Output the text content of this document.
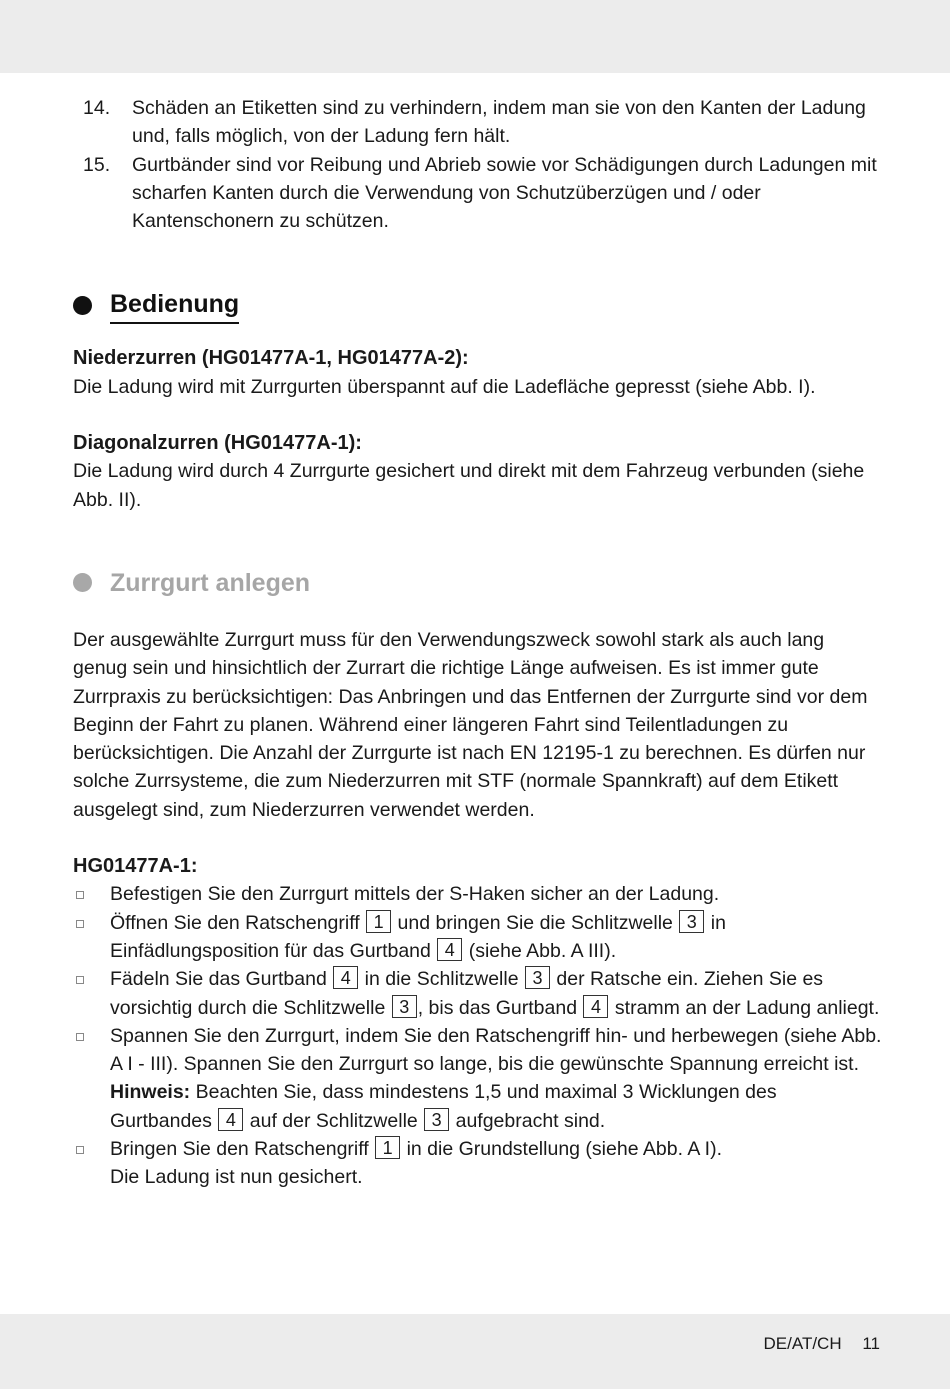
14. Schäden an Etiketten sind zu verhindern, indem man sie von den Kanten der Ladung und, falls möglich, von der Ladung fern hält.
15. Gurtbänder sind vor Reibung und Abrieb sowie vor Schädigungen durch Ladungen mit scharfen Kanten durch die Verwendung von Schutzüberzügen und / oder Kantenschonern zu schützen.
Bedienung

Niederzurren (HG01477A-1, HG01477A-2):

Die Ladung wird mit Zurrgurten überspannt auf die Ladefläche gepresst (siehe Abb. I).

Diagonalzurren (HG01477A-1):

Die Ladung wird durch 4 Zurrgurte gesichert und direkt mit dem Fahrzeug verbunden (siehe Abb. II).

Zurrgurt anlegen

Der ausgewählte Zurrgurt muss für den Verwendungszweck sowohl stark als auch lang genug sein und hinsichtlich der Zurrart die richtige Länge aufweisen. Es ist immer gute Zurrpraxis zu berücksichtigen: Das Anbringen und das Entfernen der Zurrgurte sind vor dem Beginn der Fahrt zu planen. Während einer längeren Fahrt sind Teilentladungen zu berücksichtigen. Die Anzahl der Zurrgurte ist nach EN 12195-1 zu berechnen. Es dürfen nur solche Zurrsysteme, die zum Niederzurren mit STF (normale Spannkraft) auf dem Etikett ausgelegt sind, zum Niederzurren verwendet werden.

HG01477A-1:

Befestigen Sie den Zurrgurt mittels der S-Haken sicher an der Ladung.
Öffnen Sie den Ratschengriff 1 und bringen Sie die Schlitzwelle 3 in Einfädlungsposition für das Gurtband 4 (siehe Abb. A III).
Fädeln Sie das Gurtband 4 in die Schlitzwelle 3 der Ratsche ein. Ziehen Sie es vorsichtig durch die Schlitzwelle 3 , bis das Gurtband 4 stramm an der Ladung anliegt.
Spannen Sie den Zurrgurt, indem Sie den Ratschengriff hin- und herbewegen (siehe Abb. A I - III). Spannen Sie den Zurrgurt so lange, bis die gewünschte Spannung erreicht ist.

Hinweis: Beachten Sie, dass mindestens 1,5 und maximal 3 Wicklungen des Gurtbandes 4 auf der Schlitzwelle 3 aufgebracht sind.

Bringen Sie den Ratschengriff 1 in die Grundstellung (siehe Abb. A I).

Die Ladung ist nun gesichert.

DE/AT/CH 11
